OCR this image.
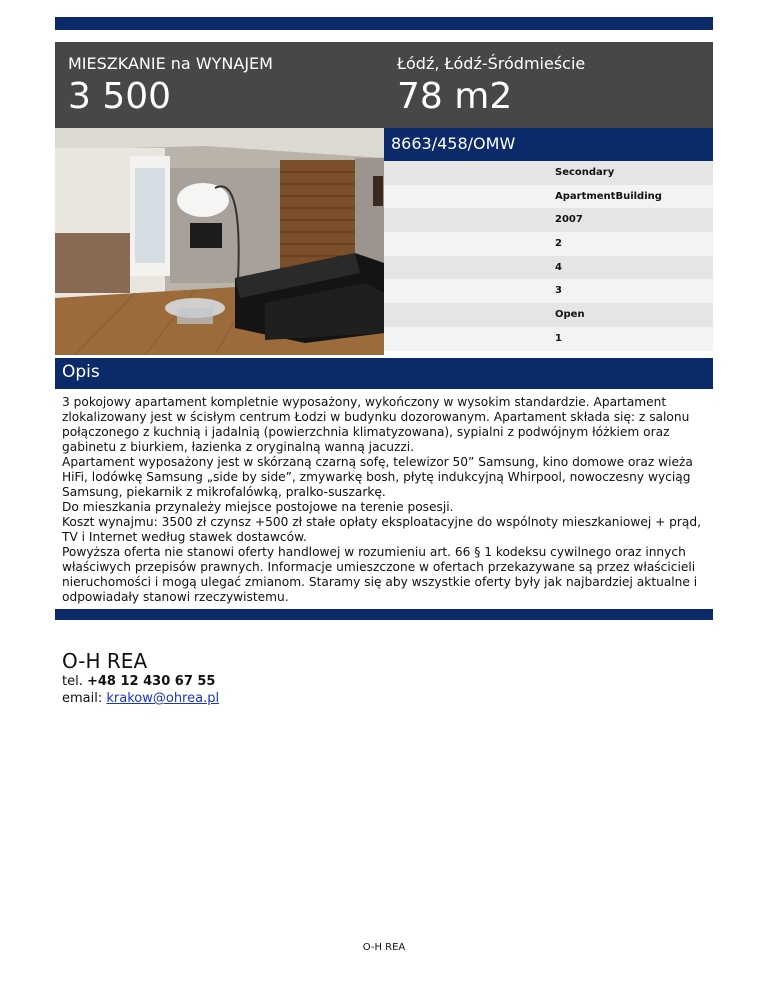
MIESZKANIE na WYNAJEM
3 500
Łódź, Łódź-Śródmieście
78 m2
8663/458/OMW
Secondary
ApartmentBuilding
2007
2
4
3
Open
1
Opis

3 pokojowy apartament kompletnie wyposażony, wykończony w wysokim standardzie. Apartament zlokalizowany jest w ścisłym centrum Łodzi w budynku dozorowanym. Apartament składa się: z salonu połączonego z kuchnią i jadalnią (powierzchnia klimatyzowana), sypialni z podwójnym łóżkiem oraz gabinetu z biurkiem, łazienka z oryginalną wanną jacuzzi.

Apartament wyposażony jest w skórzaną czarną sofę, telewizor 50” Samsung, kino domowe oraz wieża HiFi, lodówkę Samsung „side by side”, zmywarkę bosh, płytę indukcyjną Whirpool, nowoczesny wyciąg Samsung, piekarnik z mikrofalówką, pralko-suszarkę.

Do mieszkania przynależy miejsce postojowe na terenie posesji.

Koszt wynajmu: 3500 zł czynsz +500 zł stałe opłaty eksploatacyjne do wspólnoty mieszkaniowej + prąd, TV i Internet według stawek dostawców.

Powyższa oferta nie stanowi oferty handlowej w rozumieniu art. 66 § 1 kodeksu cywilnego oraz innych właściwych przepisów prawnych. Informacje umieszczone w ofertach przekazywane są przez właścicieli nieruchomości i mogą ulegać zmianom. Staramy się aby wszystkie oferty były jak najbardziej aktualne i odpowiadały stanowi rzeczywistemu.

O-H REA
tel. +48 12 430 67 55
email: krakow@ohrea.pl
O-H REA
